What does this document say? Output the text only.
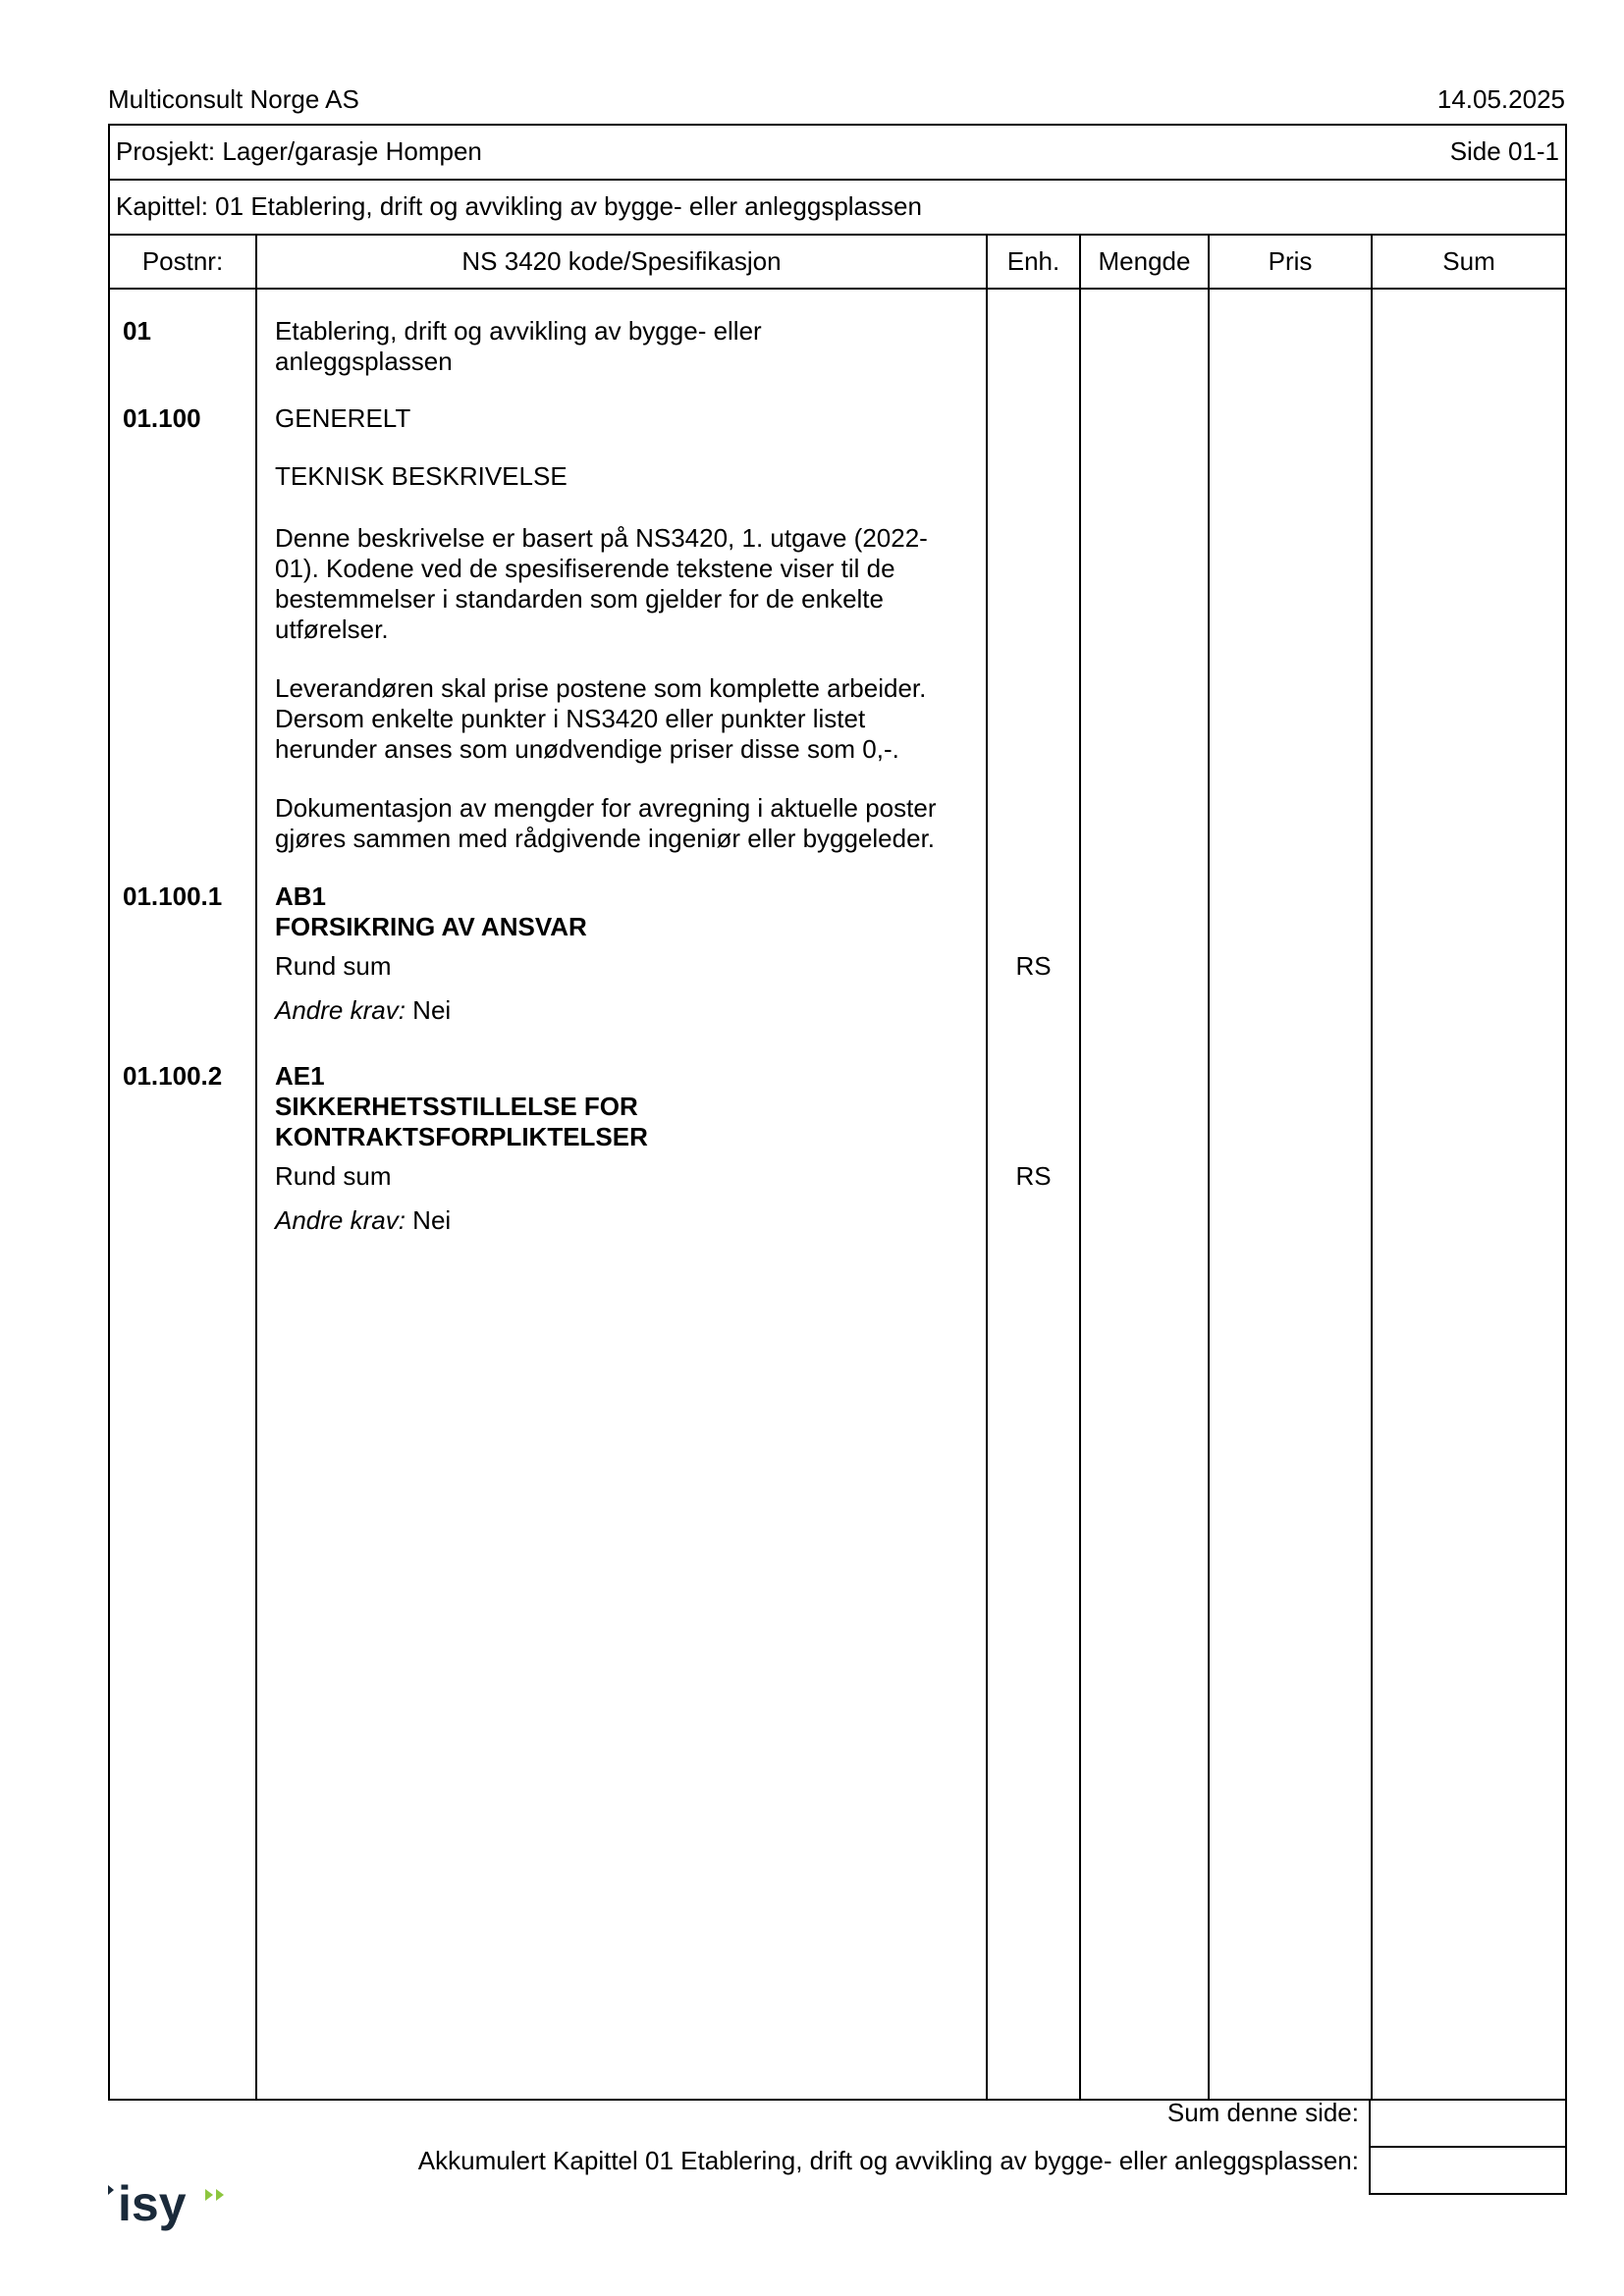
Multiconsult Norge AS	14.05.2025
Prosjekt: Lager/garasje Hompen	Side 01-1
Kapittel: 01 Etablering, drift og avvikling av bygge- eller anleggsplassen
Postnr:	NS 3420 kode/Spesifikasjon	Enh.	Mengde	Pris	Sum
01	Etablering, drift og avvikling av bygge- eller
anleggsplassen
01.100	GENERELT
TEKNISK BESKRIVELSE
Denne beskrivelse er basert på NS3420, 1. utgave (2022-
01). Kodene ved de spesifiserende tekstene viser til de
bestemmelser i standarden som gjelder for de enkelte
utførelser.
Leverandøren skal prise postene som komplette arbeider.
Dersom enkelte punkter i NS3420 eller punkter listet
herunder anses som unødvendige priser disse som 0,-.
Dokumentasjon av mengder for avregning i aktuelle poster
gjøres sammen med rådgivende ingeniør eller byggeleder.
01.100.1 AB1
FORSIKRING AV ANSVAR
Rund sum	RS
Andre krav: Nei
01.100.2 AE1
SIKKERHETSSTILLELSE FOR
KONTRAKTSFORPLIKTELSER
Rund sum	RS
Andre krav: Nei
Sum denne side:
Akkumulert Kapittel 01 Etablering, drift og avvikling av bygge- eller anleggsplassen:
isy
